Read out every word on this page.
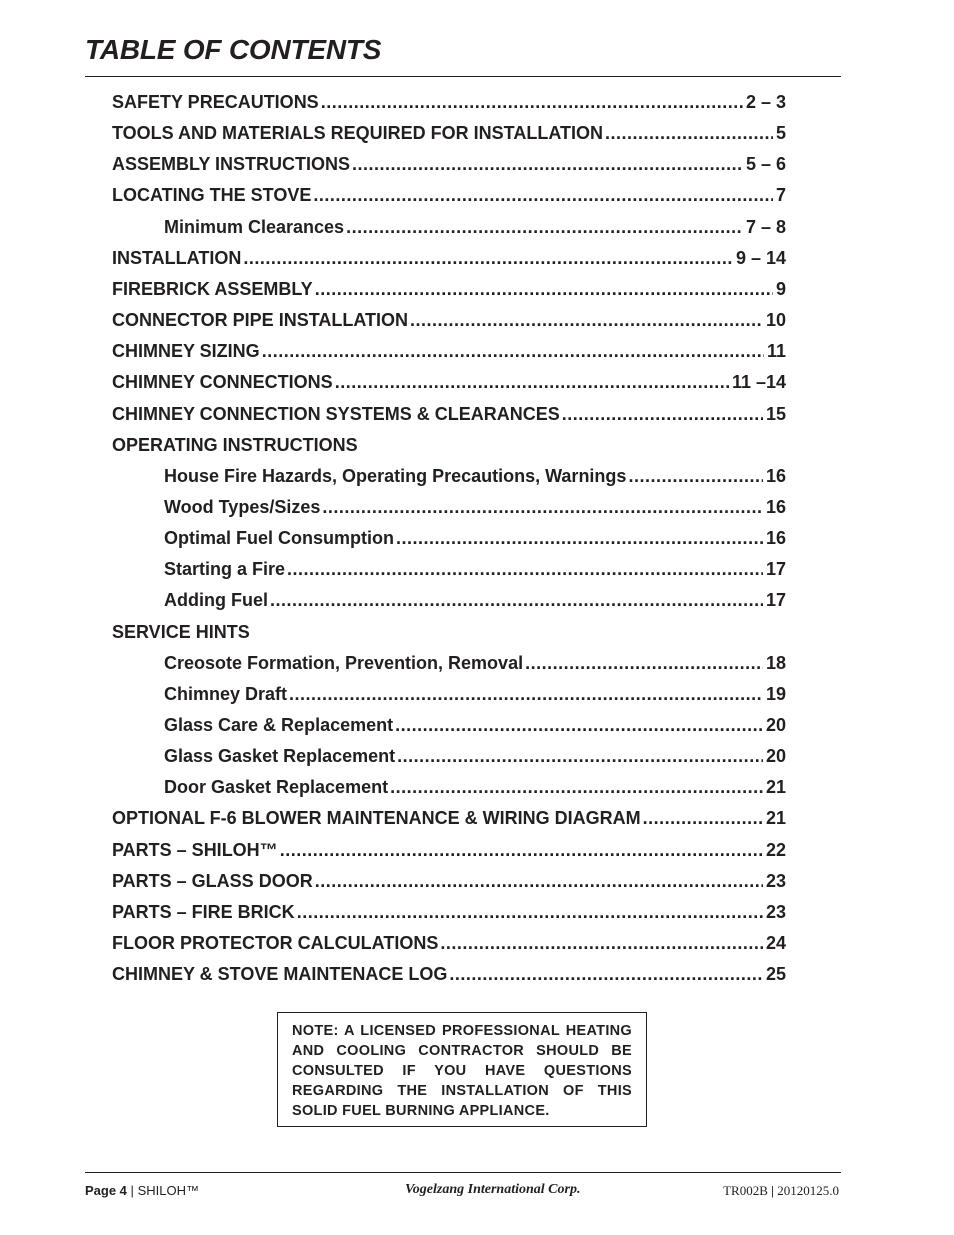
TABLE OF CONTENTS
SAFETY PRECAUTIONS .....	2 – 3
TOOLS AND MATERIALS REQUIRED FOR INSTALLATION .....	5
ASSEMBLY INSTRUCTIONS .....	5 – 6
LOCATING THE STOVE .....	7
Minimum Clearances .....	7 – 8
INSTALLATION .....	9 – 14
FIREBRICK ASSEMBLY .....	9
CONNECTOR PIPE INSTALLATION .....	10
CHIMNEY SIZING .....	11
CHIMNEY CONNECTIONS .....	11 –14
CHIMNEY CONNECTION SYSTEMS & CLEARANCES .....	15
OPERATING INSTRUCTIONS
House Fire Hazards, Operating Precautions, Warnings .....	16
Wood Types/Sizes .....	16
Optimal Fuel Consumption .....	16
Starting a Fire .....	17
Adding Fuel .....	17
SERVICE HINTS
Creosote Formation, Prevention, Removal .....	18
Chimney Draft .....	19
Glass Care & Replacement .....	20
Glass Gasket Replacement .....	20
Door Gasket Replacement .....	21
OPTIONAL F-6 BLOWER MAINTENANCE & WIRING DIAGRAM .....	21
PARTS – SHILOH™ .....	22
PARTS – GLASS DOOR .....	23
PARTS – FIRE BRICK .....	23
FLOOR PROTECTOR CALCULATIONS .....	24
CHIMNEY & STOVE MAINTENACE LOG .....	25

NOTE: A LICENSED PROFESSIONAL HEATING AND COOLING CONTRACTOR SHOULD BE CONSULTED IF YOU HAVE QUESTIONS REGARDING THE INSTALLATION OF THIS SOLID FUEL BURNING APPLIANCE.

Page 4 | SHILOH™	Vogelzang International Corp.	TR002B | 20120125.0
